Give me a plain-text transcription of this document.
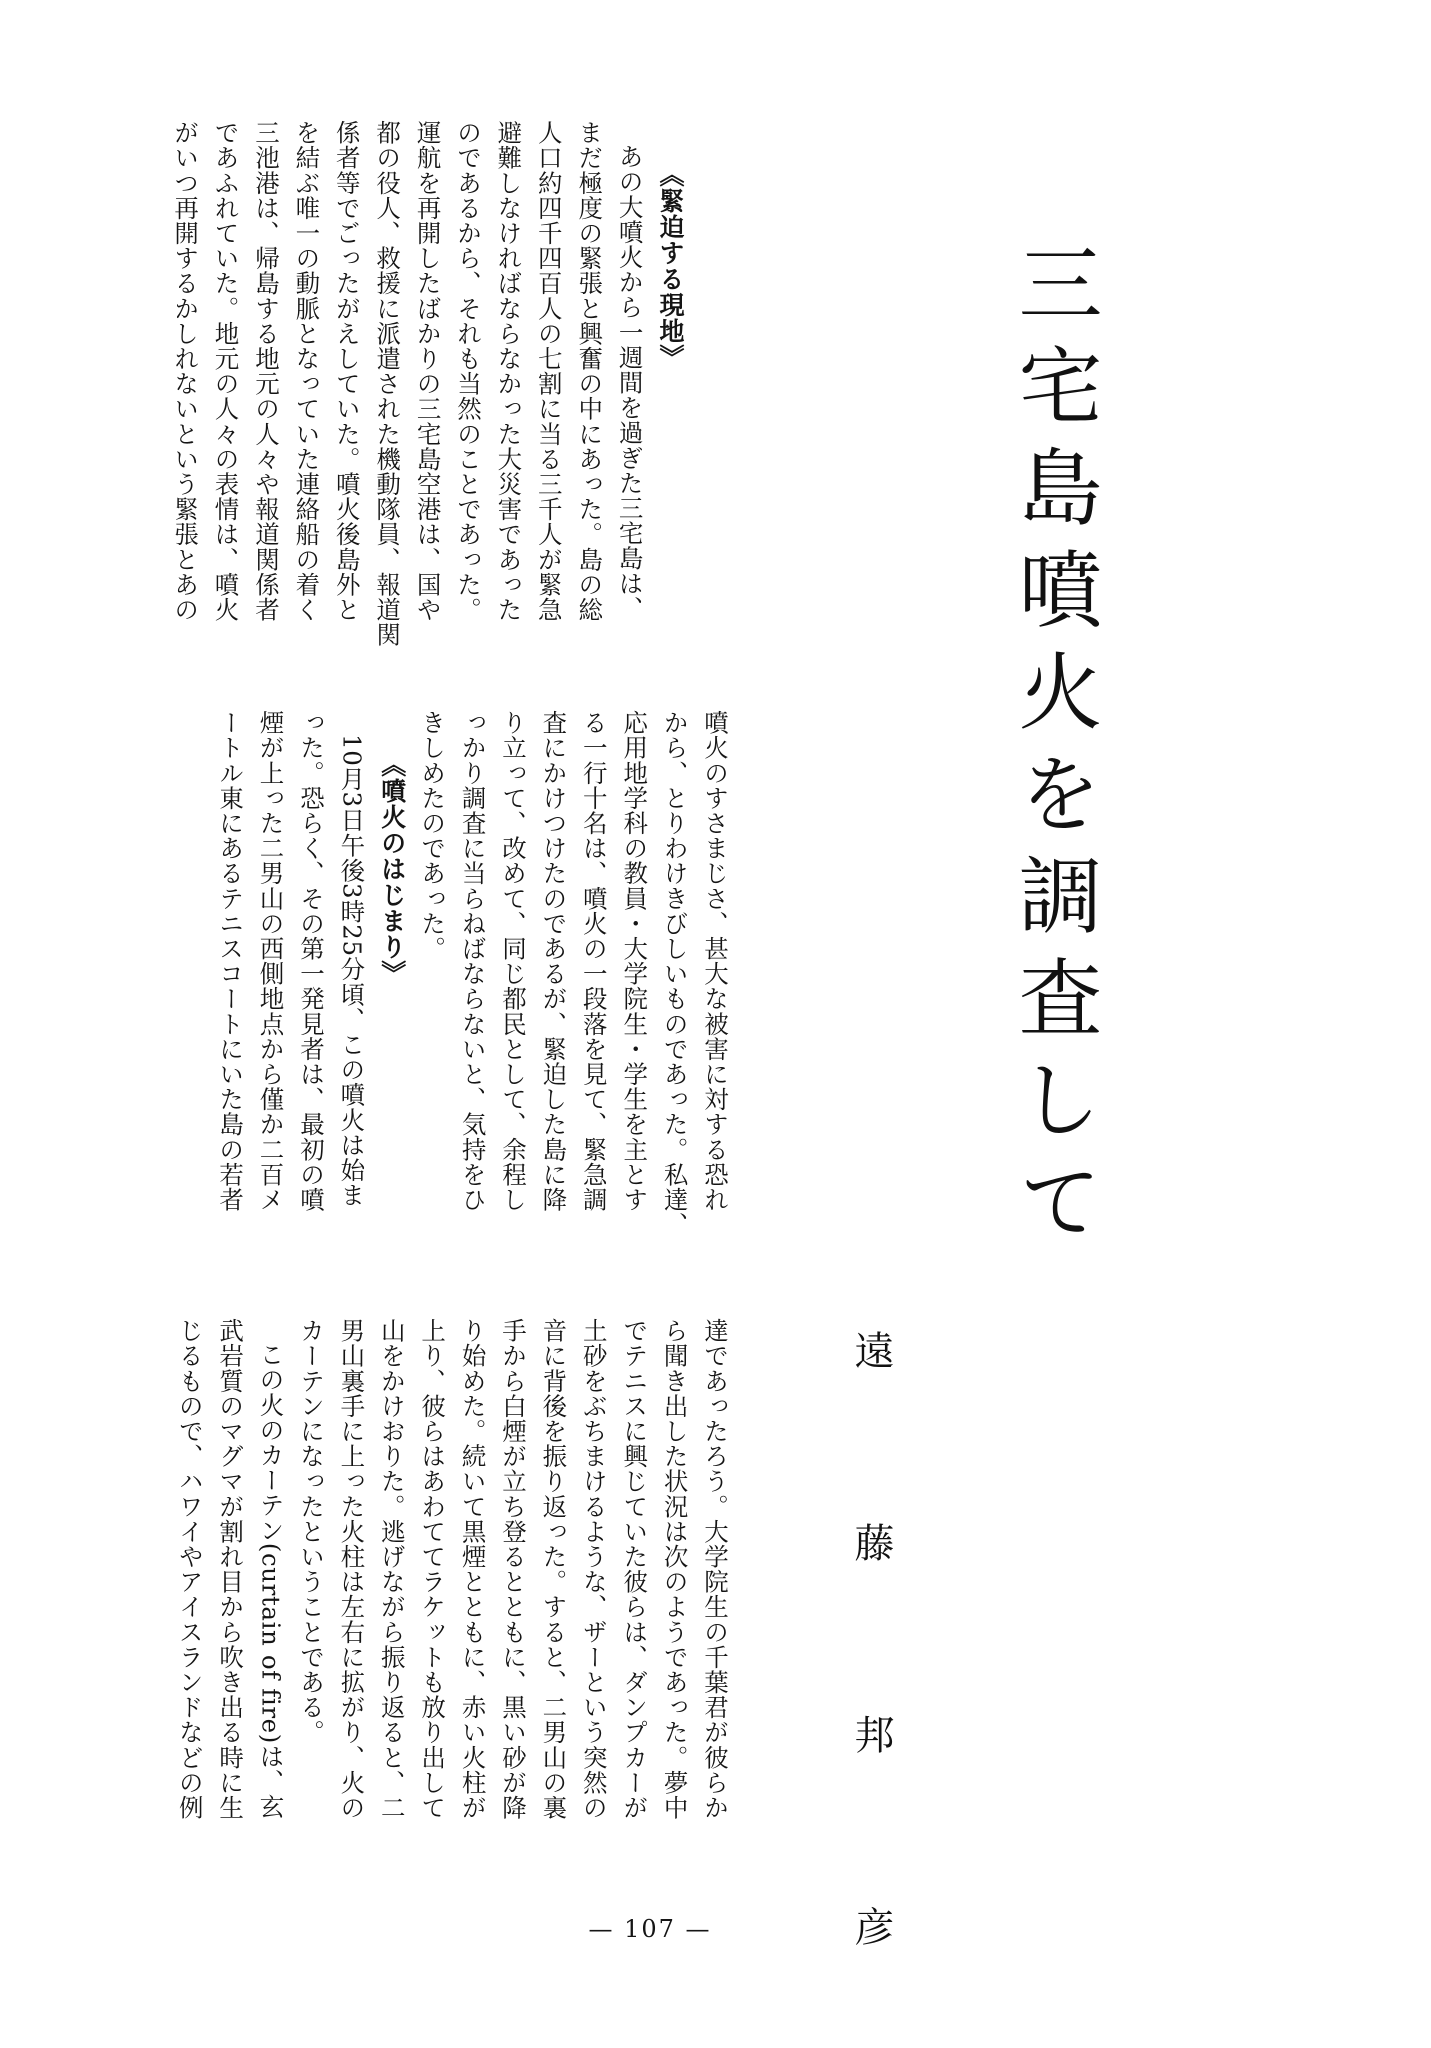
三宅島噴火を調査して
遠　藤　邦　彦
《緊迫する現地》
あの大噴火から一週間を過ぎた三宅島は、
まだ極度の緊張と興奮の中にあった。島の総
人口約四千四百人の七割に当る三千人が緊急
避難しなければならなかった大災害であった
のであるから、それも当然のことであった。
運航を再開したばかりの三宅島空港は、国や
都の役人、救援に派遣された機動隊員、報道関
係者等でごったがえしていた。噴火後島外と
を結ぶ唯一の動脈となっていた連絡船の着く
三池港は、帰島する地元の人々や報道関係者
であふれていた。地元の人々の表情は、噴火
がいつ再開するかしれないという緊張とあの
噴火のすさまじさ、甚大な被害に対する恐れ
から、とりわけきびしいものであった。私達、
応用地学科の教員・大学院生・学生を主とす
る一行十名は、噴火の一段落を見て、緊急調
査にかけつけたのであるが、緊迫した島に降
り立って、改めて、同じ都民として、余程し
っかり調査に当らねばならないと、気持をひ
きしめたのであった。
《噴火のはじまり》
10月3日午後3時25分頃、この噴火は始ま
った。恐らく、その第一発見者は、最初の噴
煙が上った二男山の西側地点から僅か二百メ
ートル東にあるテニスコートにいた島の若者
達であったろう。大学院生の千葉君が彼らか
ら聞き出した状況は次のようであった。夢中
でテニスに興じていた彼らは、ダンプカーが
土砂をぶちまけるような、ザーという突然の
音に背後を振り返った。すると、二男山の裏
手から白煙が立ち登るとともに、黒い砂が降
り始めた。続いて黒煙とともに、赤い火柱が
上り、彼らはあわててラケットも放り出して
山をかけおりた。逃げながら振り返ると、二
男山裏手に上った火柱は左右に拡がり、火の
カーテンになったということである。
この火のカーテン(curtain of fire)は、玄
武岩質のマグマが割れ目から吹き出る時に生
じるもので、ハワイやアイスランドなどの例
— 107 —
